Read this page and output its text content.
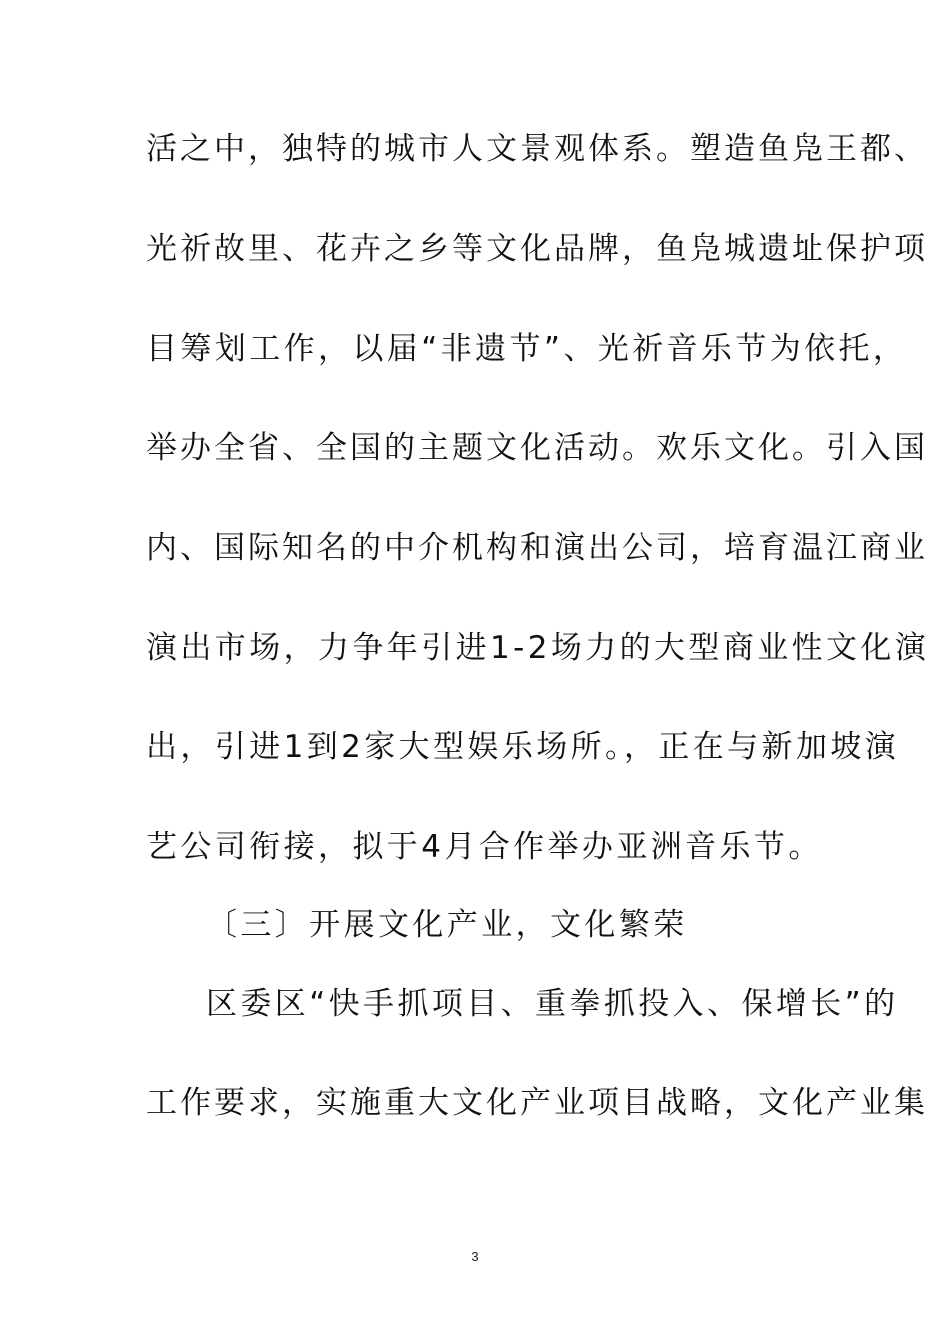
活之中，独特的城市人文景观体系。塑造鱼凫王都、
光祈故里、花卉之乡等文化品牌，鱼凫城遗址保护项
目筹划工作，以届“非遗节”、光祈音乐节为依托，
举办全省、全国的主题文化活动。欢乐文化。引入国
内、国际知名的中介机构和演出公司，培育温江商业
演出市场，力争年引进1-2场力的大型商业性文化演
出，引进1到2家大型娱乐场所。，正在与新加坡演
艺公司衔接，拟于4月合作举办亚洲音乐节。
〔三〕开展文化产业，文化繁荣
区委区“快手抓项目、重拳抓投入、保增长”的
工作要求，实施重大文化产业项目战略，文化产业集
3
